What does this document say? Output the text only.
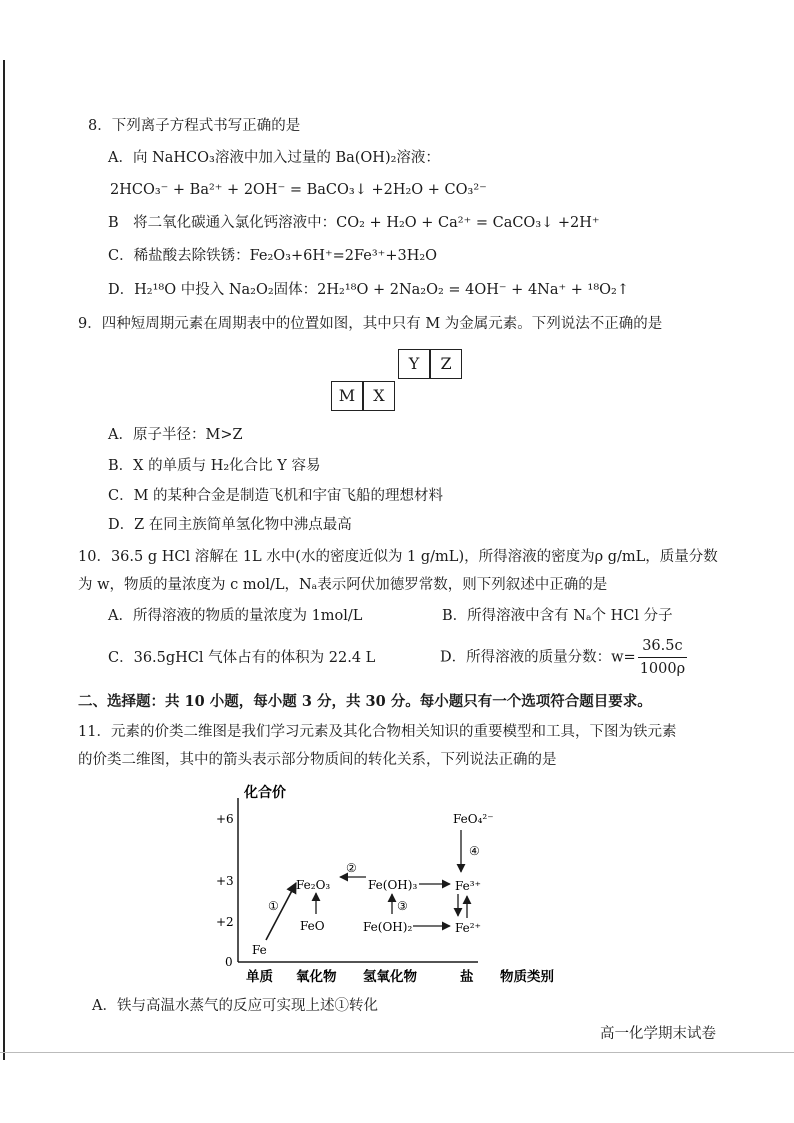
8．下列离子方程式书写正确的是
A．向 NaHCO₃溶液中加入过量的 Ba(OH)₂溶液：
2HCO₃⁻ + Ba²⁺ + 2OH⁻ = BaCO₃↓ +2H₂O + CO₃²⁻
B　将二氧化碳通入氯化钙溶液中：CO₂ + H₂O + Ca²⁺ = CaCO₃↓ +2H⁺
C．稀盐酸去除铁锈：Fe₂O₃+6H⁺=2Fe³⁺+3H₂O
D．H₂¹⁸O 中投入 Na₂O₂固体：2H₂¹⁸O + 2Na₂O₂ = 4OH⁻ + 4Na⁺ + ¹⁸O₂↑
9．四种短周期元素在周期表中的位置如图，其中只有 M 为金属元素。下列说法不正确的是
Y	Z
M	X
A．原子半径：M>Z
B．X 的单质与 H₂化合比 Y 容易
C．M 的某种合金是制造飞机和宇宙飞船的理想材料
D．Z 在同主族简单氢化物中沸点最高
10．36.5 g HCl 溶解在 1L 水中(水的密度近似为 1 g/mL)，所得溶液的密度为ρ g/mL，质量分数
为 w，物质的量浓度为 c mol/L，Nₐ表示阿伏加德罗常数，则下列叙述中正确的是
A．所得溶液的物质的量浓度为 1mol/L	B．所得溶液中含有 Nₐ个 HCl 分子
C．36.5gHCl 气体占有的体积为 22.4 L	D．所得溶液的质量分数：$w= \frac{36.5c}{1000\rho}$
二、选择题：共 10 小题，每小题 3 分，共 30 分。每小题只有一个选项符合题目要求。
11．元素的价类二维图是我们学习元素及其化合物相关知识的重要模型和工具，下图为铁元素
的价类二维图，其中的箭头表示部分物质间的转化关系，下列说法正确的是
化合价
+6
+3
+2
0
单质 氧化物 氢氧化物	盐 物质类别
Fe
FeO
Fe₂O₃	Fe(OH)₃
Fe(OH)₂
Fe³⁺
Fe²⁺
FeO₄²⁻
①
②
③
④
A．铁与高温水蒸气的反应可实现上述①转化
高一化学期末试卷
